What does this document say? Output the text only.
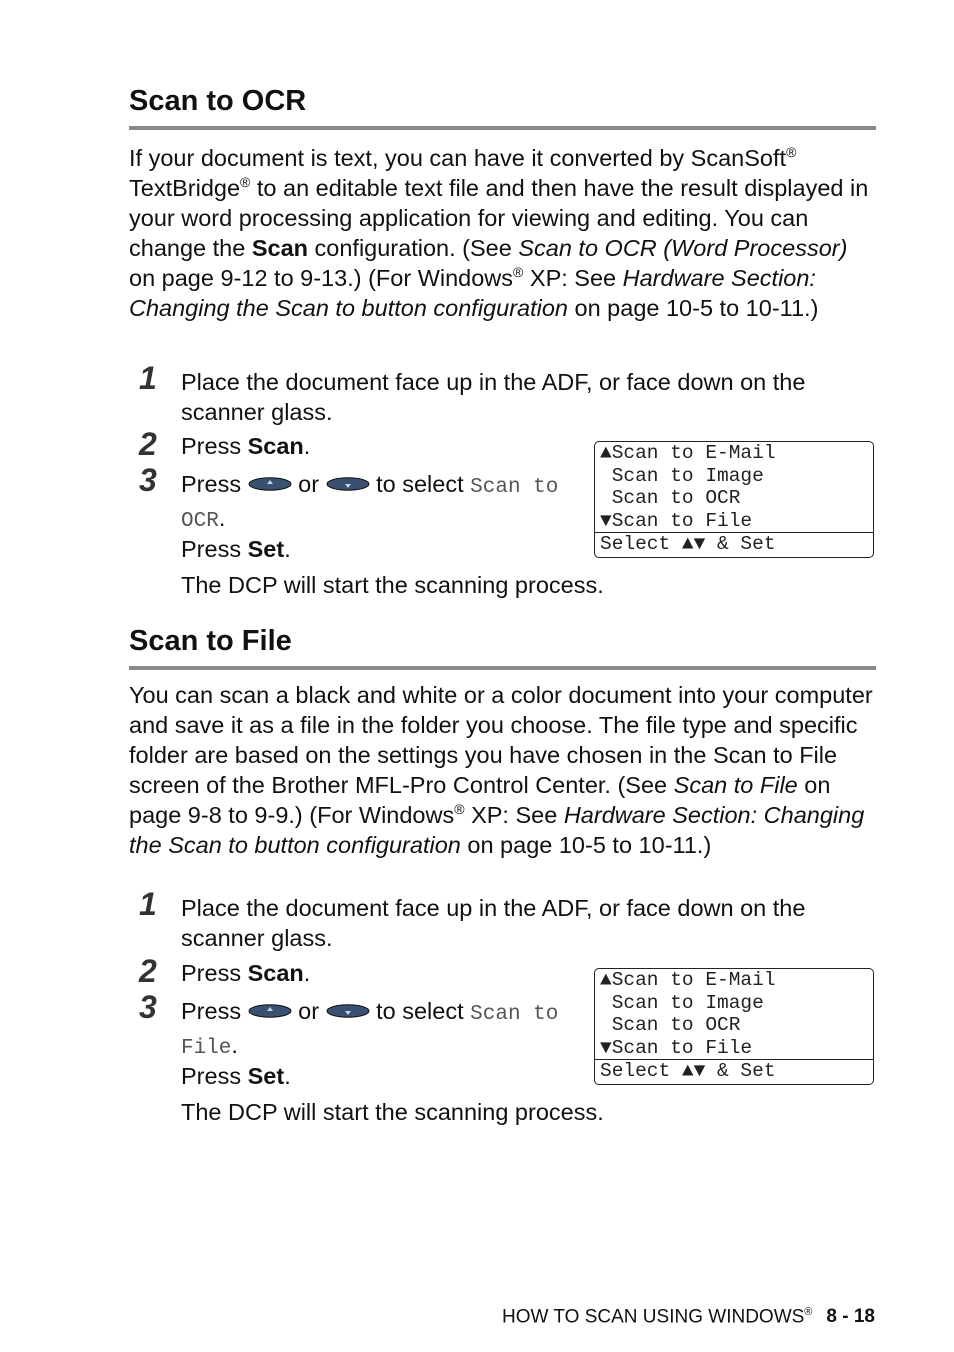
Scan to OCR

If your document is text, you can have it converted by ScanSoft®
TextBridge® to an editable text file and then have the result displayed in your word processing application for viewing and editing. You can change the Scan configuration. (See Scan to OCR (Word Processor) on page 9-12 to 9-13.) (For Windows® XP: See Hardware Section: Changing the Scan to button configuration on page 10-5 to 10-11.)

1 Place the document face up in the ADF, or face down on the scanner glass.
2 Press Scan.
3 Press  or  to select Scan to OCR.
Press Set.
The DCP will start the scanning process.
▲Scan to E-Mail
Scan to Image
Scan to OCR
▼Scan to File
Select ▲▼ & Set
Scan to File

You can scan a black and white or a color document into your computer and save it as a file in the folder you choose. The file type and specific folder are based on the settings you have chosen in the Scan to File screen of the Brother MFL-Pro Control Center. (See Scan to File on page 9-8 to 9-9.) (For Windows® XP: See Hardware Section: Changing the Scan to button configuration on page 10-5 to 10-11.)

1 Place the document face up in the ADF, or face down on the scanner glass.
2 Press Scan.
3 Press  or  to select Scan to File.
Press Set.
The DCP will start the scanning process.
▲Scan to E-Mail
Scan to Image
Scan to OCR
▼Scan to File
Select ▲▼ & Set
HOW TO SCAN USING WINDOWS® 8 - 18
